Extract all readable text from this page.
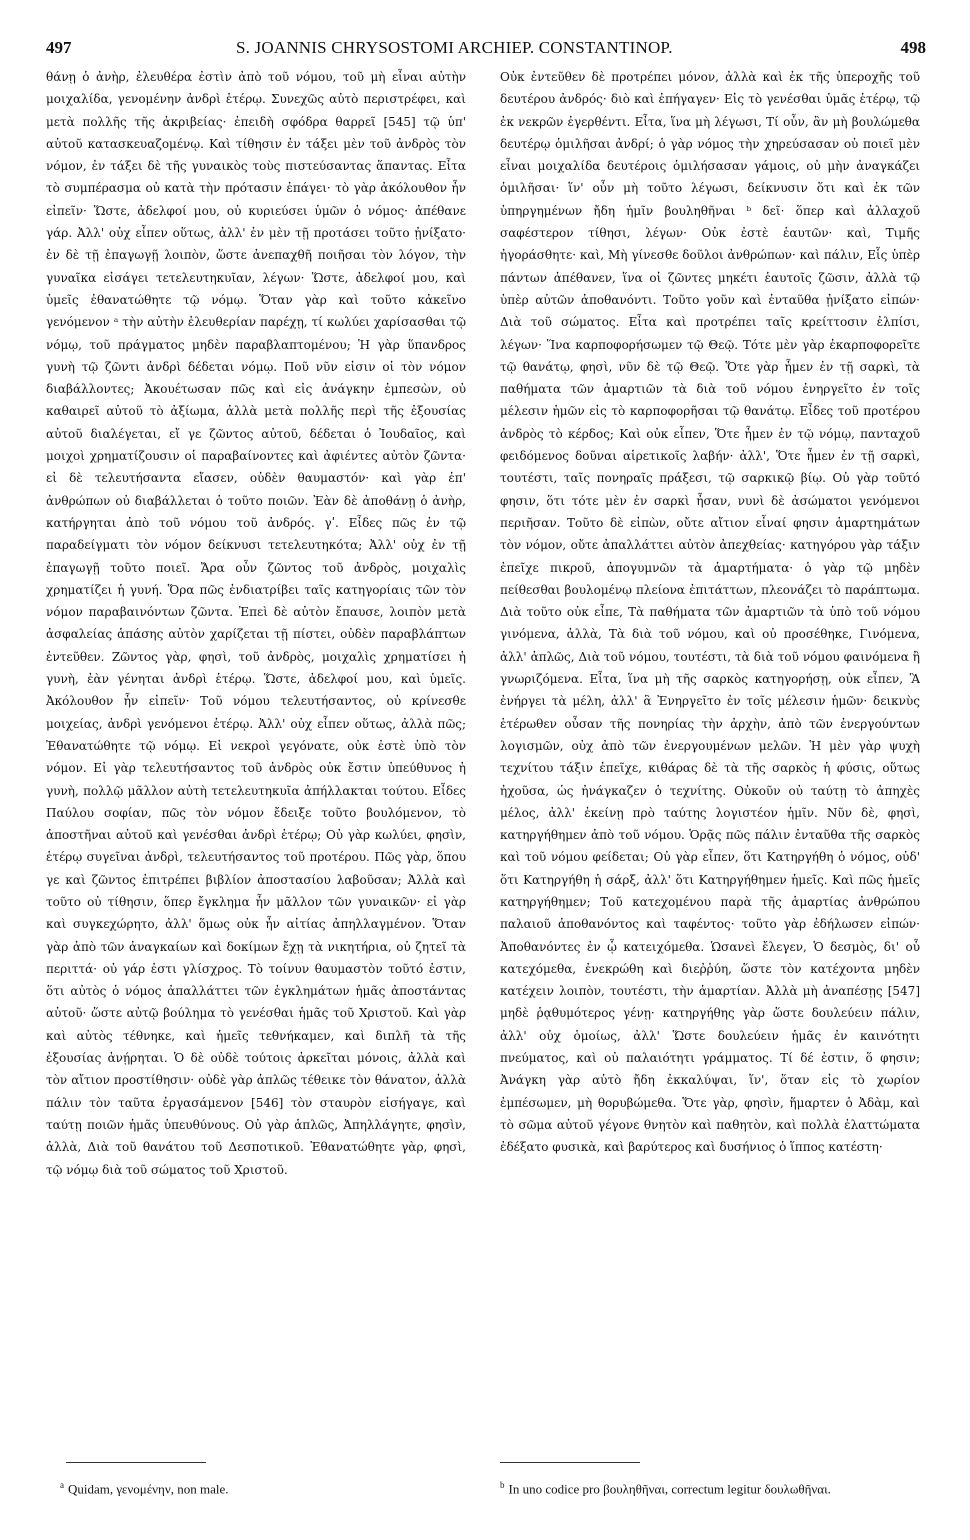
497	S. JOANNIS CHRYSOSTOMI ARCHIEP. CONSTANTINOP.	498

θάνῃ ὁ ἀνὴρ, ἐλευθέρα ἐστὶν ἀπὸ τοῦ νόμου, τοῦ μὴ εἶναι αὐτὴν μοιχαλίδα, γενομένην ἀνδρὶ ἑτέρῳ. Συνεχῶς αὐτὸ περιστρέφει, καὶ μετὰ πολλῆς τῆς ἀκριβείας· ἐπειδὴ σφόδρα θαρρεῖ [545] τῷ ὑπ' αὐτοῦ κατασκευαζομένῳ. Καὶ τίθησιν ἐν τάξει μὲν τοῦ ἀνδρὸς τὸν νόμον, ἐν τάξει δὲ τῆς γυναικὸς τοὺς πιστεύσαντας ἅπαντας. Εἶτα τὸ συμπέρασμα οὐ κατὰ τὴν πρότασιν ἐπάγει· τὸ γὰρ ἀκόλουθον ἦν εἰπεῖν· Ὥστε, ἀδελφοί μου, οὐ κυριεύσει ὑμῶν ὁ νόμος· ἀπέθανε γάρ. Ἀλλ' οὐχ εἶπεν οὕτως, ἀλλ' ἐν μὲν τῇ προτάσει τοῦτο ᾐνίξατο· ἐν δὲ τῇ ἐπαγωγῇ λοιπὸν, ὥστε ἀνεπαχθῆ ποιῆσαι τὸν λόγον, τὴν γυναῖκα εἰσάγει τετελευτηκυῖαν, λέγων· Ὥστε, ἀδελφοί μου, καὶ ὑμεῖς ἐθανατώθητε τῷ νόμῳ. Ὅταν γὰρ καὶ τοῦτο κἀκεῖνο γενόμενον ᵃ τὴν αὐτὴν ἐλευθερίαν παρέχῃ, τί κωλύει χαρίσασθαι τῷ νόμῳ, τοῦ πράγματος μηδὲν παραβλαπτομένου; Ἡ γὰρ ὕπανδρος γυνὴ τῷ ζῶντι ἀνδρὶ δέδεται νόμῳ. Ποῦ νῦν εἰσιν οἱ τὸν νόμον διαβάλλοντες; Ἀκουέτωσαν πῶς καὶ εἰς ἀνάγκην ἐμπεσὼν, οὐ καθαιρεῖ αὐτοῦ τὸ ἀξίωμα, ἀλλὰ μετὰ πολλῆς περὶ τῆς ἐξουσίας αὐτοῦ διαλέγεται, εἴ γε ζῶντος αὐτοῦ, δέδεται ὁ Ἰουδαῖος, καὶ μοιχοὶ χρηματίζουσιν οἱ παραβαίνοντες καὶ ἀφιέντες αὐτὸν ζῶντα· εἰ δὲ τελευτήσαντα εἴασεν, οὐδὲν θαυμαστόν· καὶ γὰρ ἐπ' ἀνθρώπων οὐ διαβάλλεται ὁ τοῦτο ποιῶν. Ἐὰν δὲ ἀποθάνῃ ὁ ἀνὴρ, κατήργηται ἀπὸ τοῦ νόμου τοῦ ἀνδρός. γʹ. Εἶδες πῶς ἐν τῷ παραδείγματι τὸν νόμον δείκνυσι τετελευτηκότα; Ἀλλ' οὐχ ἐν τῇ ἐπαγωγῇ τοῦτο ποιεῖ. Ἄρα οὖν ζῶντος τοῦ ἀνδρὸς, μοιχαλὶς χρηματίζει ἡ γυνή. Ὅρα πῶς ἐνδιατρίβει ταῖς κατηγορίαις τῶν τὸν νόμον παραβαινόντων ζῶντα. Ἐπεὶ δὲ αὐτὸν ἔπαυσε, λοιπὸν μετὰ ἀσφαλείας ἁπάσης αὐτὸν χαρίζεται τῇ πίστει, οὐδὲν παραβλάπτων ἐντεῦθεν. Ζῶντος γὰρ, φησὶ, τοῦ ἀνδρὸς, μοιχαλὶς χρηματίσει ἡ γυνὴ, ἐὰν γένηται ἀνδρὶ ἑτέρῳ. Ὥστε, ἀδελφοί μου, καὶ ὑμεῖς. Ἀκόλουθον ἦν εἰπεῖν· Τοῦ νόμου τελευτήσαντος, οὐ κρίνεσθε μοιχείας, ἀνδρὶ γενόμενοι ἑτέρῳ. Ἀλλ' οὐχ εἶπεν οὕτως, ἀλλὰ πῶς; Ἐθανατώθητε τῷ νόμῳ. Εἰ νεκροὶ γεγόνατε, οὐκ ἐστὲ ὑπὸ τὸν νόμον. Εἰ γὰρ τελευτήσαντος τοῦ ἀνδρὸς οὐκ ἔστιν ὑπεύθυνος ἡ γυνὴ, πολλῷ μᾶλλον αὐτὴ τετελευτηκυῖα ἀπήλλακται τούτου. Εἶδες Παύλου σοφίαν, πῶς τὸν νόμον ἔδειξε τοῦτο βουλόμενον, τὸ ἀποστῆναι αὐτοῦ καὶ γενέσθαι ἀνδρὶ ἑτέρῳ; Οὐ γὰρ κωλύει, φησὶν, ἑτέρῳ συγεῖναι ἀνδρὶ, τελευτήσαντος τοῦ προτέρου. Πῶς γὰρ, ὅπου γε καὶ ζῶντος ἐπιτρέπει βιβλίον ἀποστασίου λαβοῦσαν; Ἀλλὰ καὶ τοῦτο οὐ τίθησιν, ὅπερ ἔγκλημα ἦν μᾶλλον τῶν γυναικῶν· εἰ γὰρ καὶ συγκεχώρητο, ἀλλ' ὅμως οὐκ ἦν αἰτίας ἀπηλλαγμένον. Ὅταν γὰρ ἀπὸ τῶν ἀναγκαίων καὶ δοκίμων ἔχῃ τὰ νικητήρια, οὐ ζητεῖ τὰ περιττά· οὐ γάρ ἐστι γλίσχρος. Τὸ τοίνυν θαυμαστὸν τοῦτό ἐστιν, ὅτι αὐτὸς ὁ νόμος ἀπαλλάττει τῶν ἐγκλημάτων ἡμᾶς ἀποστάντας αὐτοῦ· ὥστε αὐτῷ βούλημα τὸ γενέσθαι ἡμᾶς τοῦ Χριστοῦ. Καὶ γὰρ καὶ αὐτὸς τέθνηκε, καὶ ἡμεῖς τεθνήκαμεν, καὶ διπλῆ τὰ τῆς ἐξουσίας ἀνῄρηται. Ὁ δὲ οὐδὲ τούτοις ἀρκεῖται μόνοις, ἀλλὰ καὶ τὸν αἴτιον προστίθησιν· οὐδὲ γὰρ ἁπλῶς τέθεικε τὸν θάνατον, ἀλλὰ πάλιν τὸν ταῦτα ἐργασάμενον [546] τὸν σταυρὸν εἰσήγαγε, καὶ ταύτῃ ποιῶν ἡμᾶς ὑπευθύνους. Οὐ γὰρ ἁπλῶς, Ἀπηλλάγητε, φησὶν, ἀλλὰ, Διὰ τοῦ θανάτου τοῦ Δεσποτικοῦ. Ἐθανατώθητε γὰρ, φησὶ, τῷ νόμῳ διὰ τοῦ σώματος τοῦ Χριστοῦ.

Οὐκ ἐντεῦθεν δὲ προτρέπει μόνον, ἀλλὰ καὶ ἐκ τῆς ὑπεροχῆς τοῦ δευτέρου ἀνδρός· διὸ καὶ ἐπήγαγεν· Εἰς τὸ γενέσθαι ὑμᾶς ἑτέρῳ, τῷ ἐκ νεκρῶν ἐγερθέντι. Εἶτα, ἵνα μὴ λέγωσι, Τί οὖν, ἂν μὴ βουλώμεθα δευτέρῳ ὁμιλῆσαι ἀνδρί; ὁ γὰρ νόμος τὴν χηρεύσασαν οὐ ποιεῖ μὲν εἶναι μοιχαλίδα δευτέροις ὁμιλήσασαν γάμοις, οὐ μὴν ἀναγκάζει ὁμιλῆσαι· ἵν' οὖν μὴ τοῦτο λέγωσι, δείκνυσιν ὅτι καὶ ἐκ τῶν ὑπηργημένων ἤδη ἡμῖν βουληθῆναι ᵇ δεῖ· ὅπερ καὶ ἀλλαχοῦ σαφέστερον τίθησι, λέγων· Οὐκ ἐστὲ ἑαυτῶν· καὶ, Τιμῆς ἠγοράσθητε· καὶ, Μὴ γίνεσθε δοῦλοι ἀνθρώπων· καὶ πάλιν, Εἷς ὑπὲρ πάντων ἀπέθανεν, ἵνα οἱ ζῶντες μηκέτι ἑαυτοῖς ζῶσιν, ἀλλὰ τῷ ὑπὲρ αὐτῶν ἀποθανόντι. Τοῦτο γοῦν καὶ ἐνταῦθα ᾐνίξατο εἰπών· Διὰ τοῦ σώματος. Εἶτα καὶ προτρέπει ταῖς κρείττοσιν ἐλπίσι, λέγων· Ἵνα καρποφορήσωμεν τῷ Θεῷ. Τότε μὲν γὰρ ἐκαρποφορεῖτε τῷ θανάτῳ, φησὶ, νῦν δὲ τῷ Θεῷ. Ὅτε γὰρ ἦμεν ἐν τῇ σαρκὶ, τὰ παθήματα τῶν ἁμαρτιῶν τὰ διὰ τοῦ νόμου ἐνηργεῖτο ἐν τοῖς μέλεσιν ἡμῶν εἰς τὸ καρποφορῆσαι τῷ θανάτῳ. Εἶδες τοῦ προτέρου ἀνδρὸς τὸ κέρδος; Καὶ οὐκ εἶπεν, Ὅτε ἦμεν ἐν τῷ νόμῳ, πανταχοῦ φειδόμενος δοῦναι αἱρετικοῖς λαβήν· ἀλλ', Ὅτε ἦμεν ἐν τῇ σαρκὶ, τουτέστι, ταῖς πονηραῖς πράξεσι, τῷ σαρκικῷ βίῳ. Οὐ γὰρ τοῦτό φησιν, ὅτι τότε μὲν ἐν σαρκὶ ἦσαν, νυνὶ δὲ ἀσώματοι γενόμενοι περιῆσαν. Τοῦτο δὲ εἰπὼν, οὔτε αἴτιον εἶναί φησιν ἁμαρτημάτων τὸν νόμον, οὔτε ἀπαλλάττει αὐτὸν ἀπεχθείας· κατηγόρου γὰρ τάξιν ἐπεῖχε πικροῦ, ἀπογυμνῶν τὰ ἁμαρτήματα· ὁ γὰρ τῷ μηδὲν πείθεσθαι βουλομένῳ πλείονα ἐπιτάττων, πλεονάζει τὸ παράπτωμα. Διὰ τοῦτο οὐκ εἶπε, Τὰ παθήματα τῶν ἁμαρτιῶν τὰ ὑπὸ τοῦ νόμου γινόμενα, ἀλλὰ, Τὰ διὰ τοῦ νόμου, καὶ οὐ προσέθηκε, Γινόμενα, ἀλλ' ἁπλῶς, Διὰ τοῦ νόμου, τουτέστι, τὰ διὰ τοῦ νόμου φαινόμενα ἢ γνωριζόμενα. Εἶτα, ἵνα μὴ τῆς σαρκὸς κατηγορήσῃ, οὐκ εἶπεν, Ἃ ἐνήργει τὰ μέλη, ἀλλ' ἃ Ἐνηργεῖτο ἐν τοῖς μέλεσιν ἡμῶν· δεικνὺς ἑτέρωθεν οὖσαν τῆς πονηρίας τὴν ἀρχὴν, ἀπὸ τῶν ἐνεργούντων λογισμῶν, οὐχ ἀπὸ τῶν ἐνεργουμένων μελῶν. Ἡ μὲν γὰρ ψυχὴ τεχνίτου τάξιν ἐπεῖχε, κιθάρας δὲ τὰ τῆς σαρκὸς ἡ φύσις, οὕτως ἠχοῦσα, ὡς ἠνάγκαζεν ὁ τεχνίτης. Οὐκοῦν οὐ ταύτῃ τὸ ἀπηχὲς μέλος, ἀλλ' ἐκείνῃ πρὸ ταύτης λογιστέον ἡμῖν. Νῦν δὲ, φησὶ, κατηργήθημεν ἀπὸ τοῦ νόμου. Ὁρᾷς πῶς πάλιν ἐνταῦθα τῆς σαρκὸς καὶ τοῦ νόμου φείδεται; Οὐ γὰρ εἶπεν, ὅτι Κατηργήθη ὁ νόμος, οὐδ' ὅτι Κατηργήθη ἡ σάρξ, ἀλλ' ὅτι Κατηργήθημεν ἡμεῖς. Καὶ πῶς ἡμεῖς κατηργήθημεν; Τοῦ κατεχομένου παρὰ τῆς ἁμαρτίας ἀνθρώπου παλαιοῦ ἀποθανόντος καὶ ταφέντος· τοῦτο γὰρ ἐδήλωσεν εἰπών· Ἀποθανόντες ἐν ᾧ κατειχόμεθα. Ὡσανεὶ ἔλεγεν, Ὁ δεσμὸς, δι' οὗ κατεχόμεθα, ἐνεκρώθη καὶ διεῤῥύη, ὥστε τὸν κατέχοντα μηδὲν κατέχειν λοιπὸν, τουτέστι, τὴν ἁμαρτίαν. Ἀλλὰ μὴ ἀναπέσῃς [547] μηδὲ ῥᾳθυμότερος γένῃ· κατηργήθης γὰρ ὥστε δουλεύειν πάλιν, ἀλλ' οὐχ ὁμοίως, ἀλλ' Ὥστε δουλεύειν ἡμᾶς ἐν καινότητι πνεύματος, καὶ οὐ παλαιότητι γράμματος. Τί δέ ἐστιν, ὅ φησιν; Ἀνάγκη γὰρ αὐτὸ ἤδη ἐκκαλύψαι, ἵν', ὅταν εἰς τὸ χωρίον ἐμπέσωμεν, μὴ θορυβώμεθα. Ὅτε γὰρ, φησὶν, ἥμαρτεν ὁ Ἀδὰμ, καὶ τὸ σῶμα αὐτοῦ γέγονε θνητὸν καὶ παθητὸν, καὶ πολλὰ ἐλαττώματα ἐδέξατο φυσικὰ, καὶ βαρύτερος καὶ δυσήνιος ὁ ἵππος κατέστη·

$^a$ Quidam, γενομένην, non male.	$^b$ In uno codice pro βουληθῆναι, correctum legitur δουλωθῆναι.
